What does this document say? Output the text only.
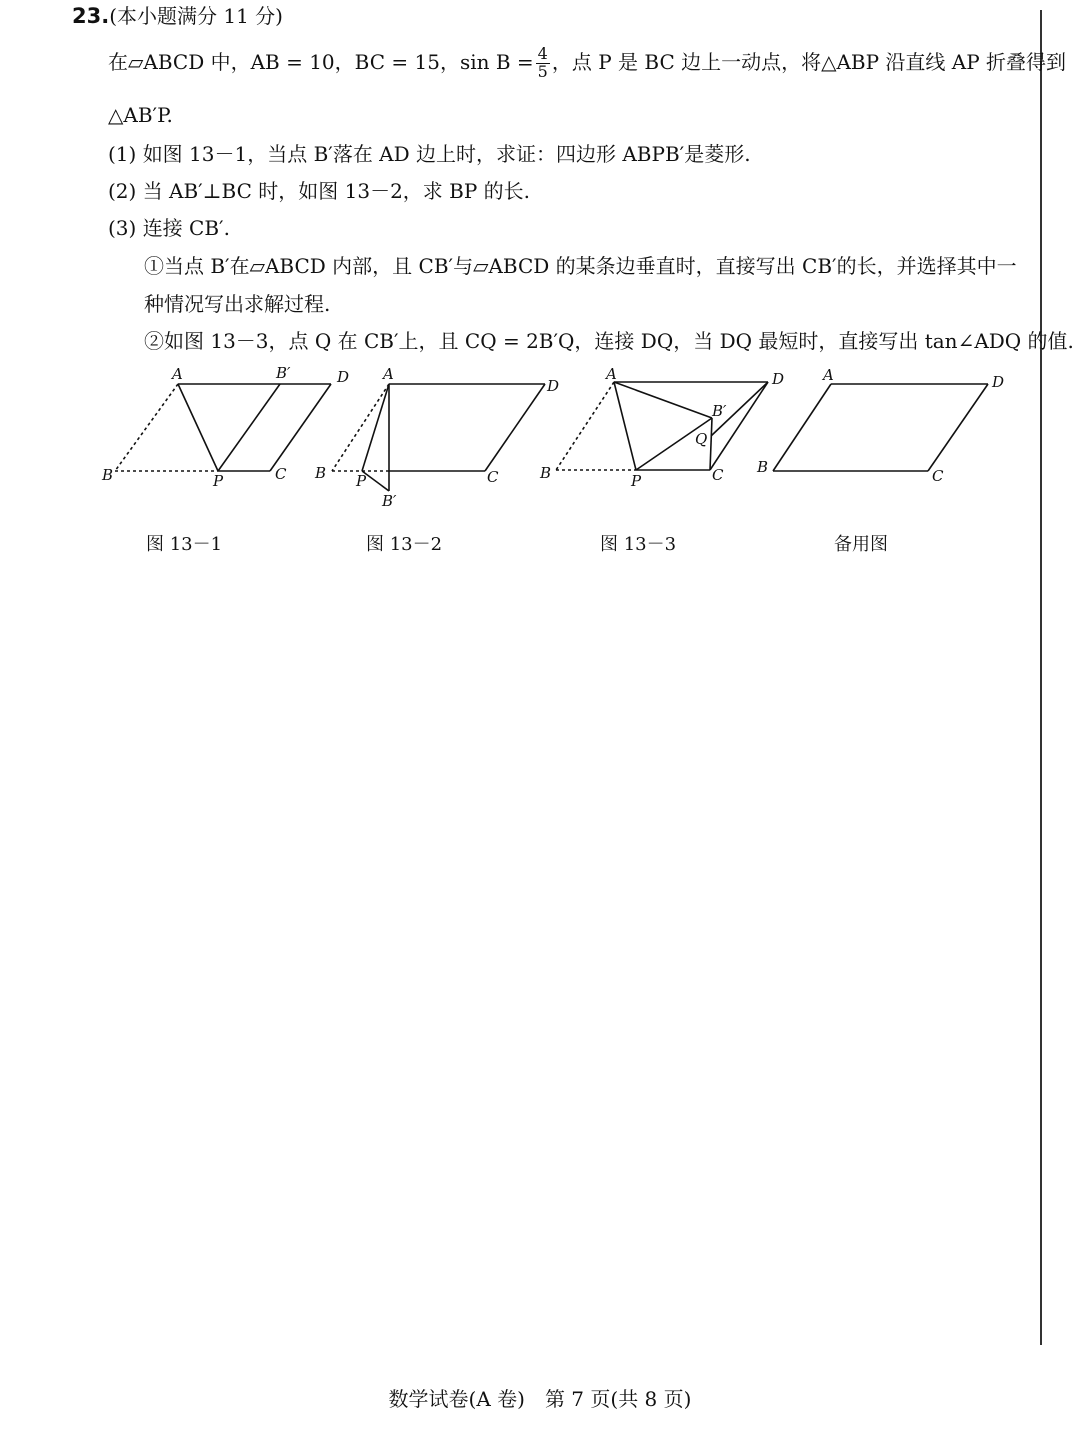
23.(本小题满分 11 分)
在▱ABCD 中，AB = 10，BC = 15，$\sin B = \frac{4}{5}$ ，点 P 是 BC 边上一动点，将△ABP 沿直线 AP 折叠得到
△AB′P.
(1) 如图 13－1，当点 B′落在 AD 边上时，求证：四边形 ABPB′是菱形.
(2) 当 AB′⊥BC 时，如图 13－2，求 BP 的长.
(3) 连接 CB′.
①当点 B′在▱ABCD 内部，且 CB′与▱ABCD 的某条边垂直时，直接写出 CB′的长，并选择其中一
种情况写出求解过程.
②如图 13－3，点 Q 在 CB′上，且 CQ = 2B′Q，连接 DQ，当 DQ 最短时，直接写出 tan∠ADQ 的值.
A	B′	D
B	P	C
图 13－1
A
D
B P
B′
C
图 13－2
A	D
B′
Q
B	P	C
图 13－3
A	D
B	C
备用图
数学试卷(A 卷)　第 7 页(共 8 页)
